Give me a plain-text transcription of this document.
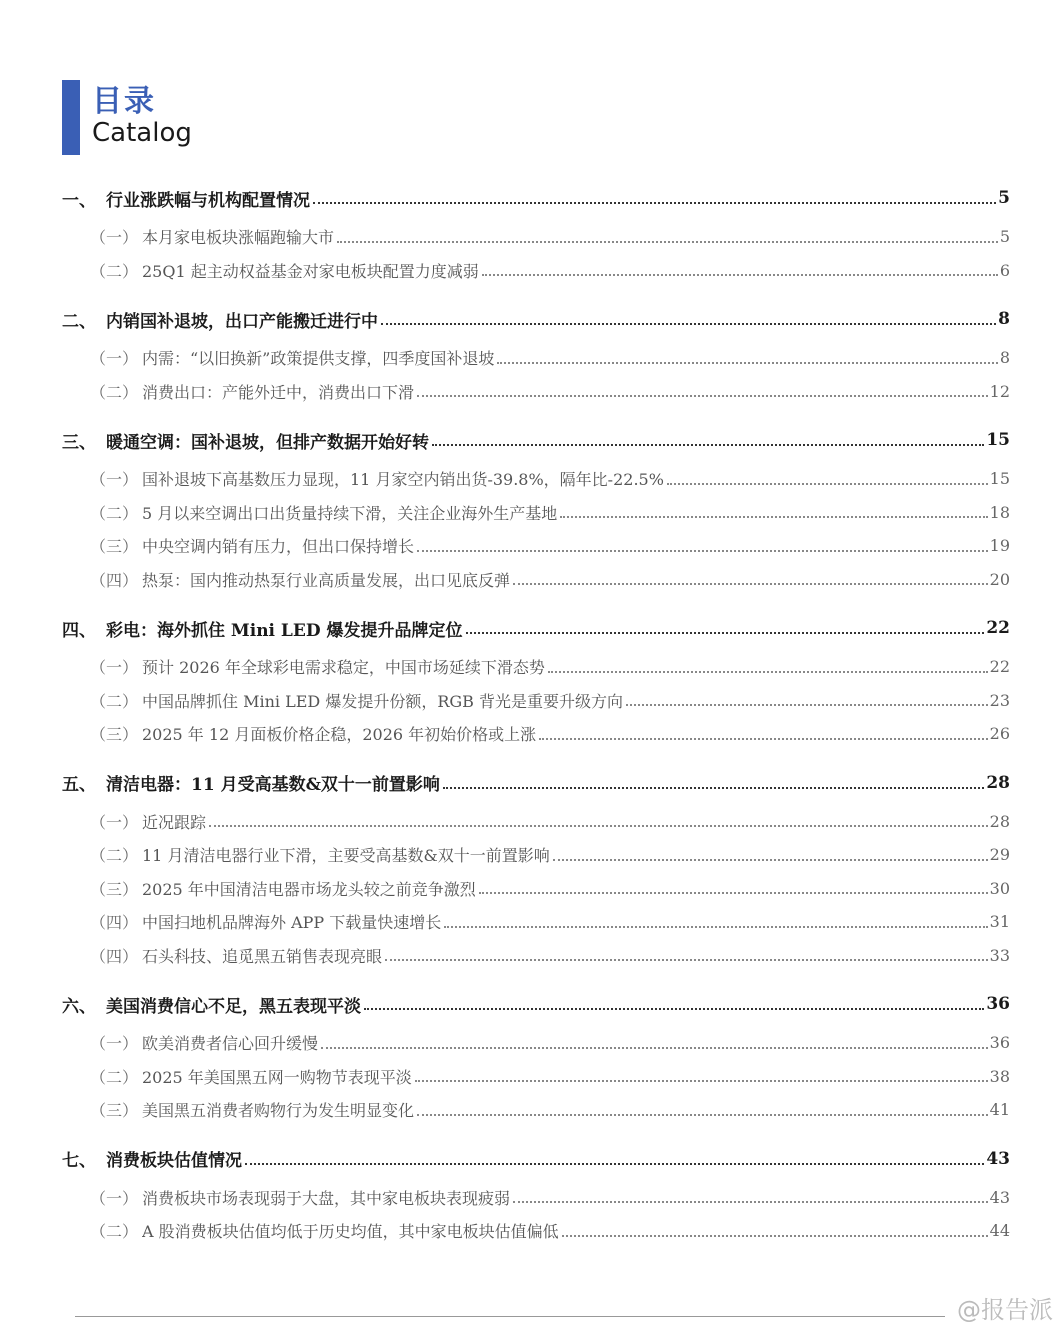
目录
Catalog
一、 行业涨跌幅与机构配置情况	5
（一） 本月家电板块涨幅跑输大市	5
（二） 25Q1 起主动权益基金对家电板块配置力度减弱	6
二、 内销国补退坡，出口产能搬迁进行中	8
（一） 内需：“以旧换新”政策提供支撑，四季度国补退坡	8
（二） 消费出口：产能外迁中，消费出口下滑	12
三、 暖通空调：国补退坡，但排产数据开始好转	15
（一） 国补退坡下高基数压力显现，11 月家空内销出货-39.8%，隔年比-22.5%	15
（二） 5 月以来空调出口出货量持续下滑，关注企业海外生产基地	18
（三） 中央空调内销有压力，但出口保持增长	19
（四） 热泵：国内推动热泵行业高质量发展，出口见底反弹	20
四、 彩电：海外抓住 Mini LED 爆发提升品牌定位	22
（一） 预计 2026 年全球彩电需求稳定，中国市场延续下滑态势	22
（二） 中国品牌抓住 Mini LED 爆发提升份额，RGB 背光是重要升级方向	23
（三） 2025 年 12 月面板价格企稳，2026 年初始价格或上涨	26
五、 清洁电器：11 月受高基数&双十一前置影响	28
（一） 近况跟踪	28
（二） 11 月清洁电器行业下滑，主要受高基数&双十一前置影响	29
（三） 2025 年中国清洁电器市场龙头较之前竞争激烈	30
（四） 中国扫地机品牌海外 APP 下载量快速增长	31
（四） 石头科技、追觅黑五销售表现亮眼	33
六、 美国消费信心不足，黑五表现平淡	36
（一） 欧美消费者信心回升缓慢	36
（二） 2025 年美国黑五网一购物节表现平淡	38
（三） 美国黑五消费者购物行为发生明显变化	41
七、 消费板块估值情况	43
（一） 消费板块市场表现弱于大盘，其中家电板块表现疲弱	43
（二） A 股消费板块估值均低于历史均值，其中家电板块估值偏低	44
@报告派
